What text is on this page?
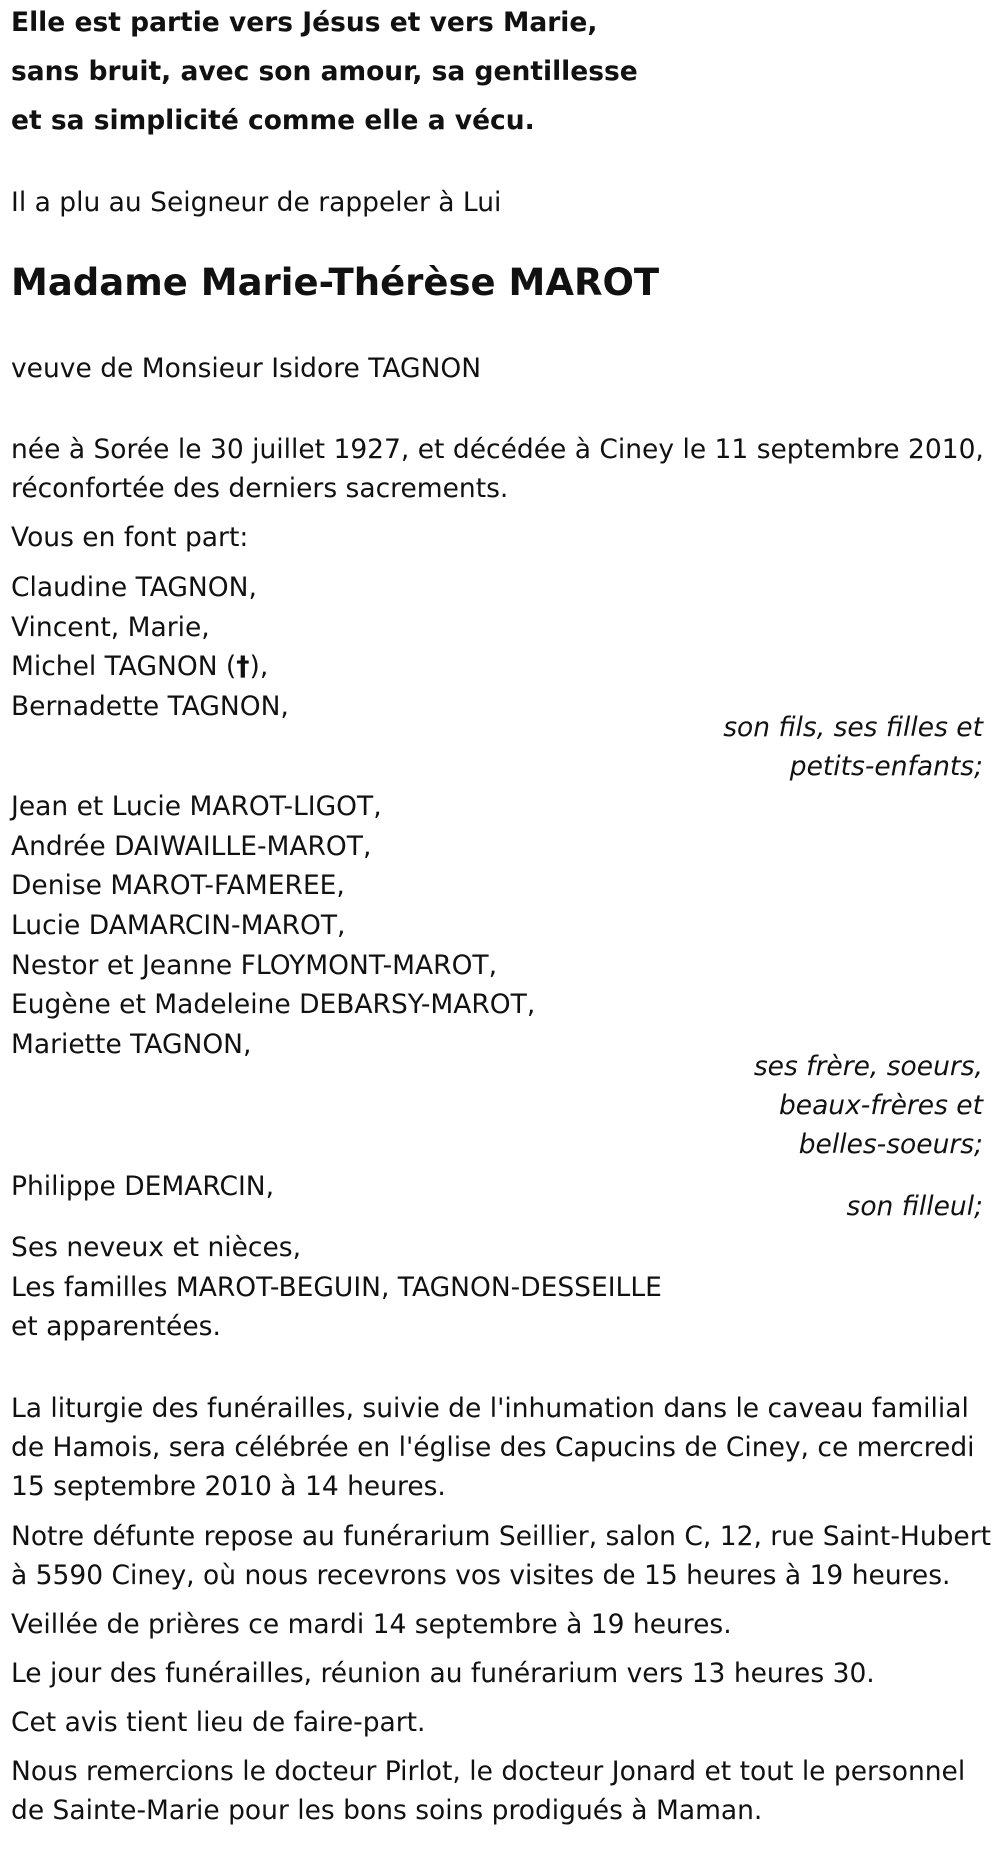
Elle est partie vers Jésus et vers Marie,
sans bruit, avec son amour, sa gentillesse
et sa simplicité comme elle a vécu.
Il a plu au Seigneur de rappeler à Lui
Madame Marie-Thérèse MAROT
veuve de Monsieur Isidore TAGNON
née à Sorée le 30 juillet 1927, et décédée à Ciney le 11 septembre 2010,
réconfortée des derniers sacrements.
Vous en font part:
Claudine TAGNON,
Vincent, Marie,
Michel TAGNON (†),
Bernadette TAGNON,
son fils, ses filles et
petits-enfants;
Jean et Lucie MAROT-LIGOT,
Andrée DAIWAILLE-MAROT,
Denise MAROT-FAMEREE,
Lucie DAMARCIN-MAROT,
Nestor et Jeanne FLOYMONT-MAROT,
Eugène et Madeleine DEBARSY-MAROT,
Mariette TAGNON,
ses frère, soeurs,
beaux-frères et
belles-soeurs;
Philippe DEMARCIN,
son filleul;
Ses neveux et nièces,
Les familles MAROT-BEGUIN, TAGNON-DESSEILLE
et apparentées.
La liturgie des funérailles, suivie de l'inhumation dans le caveau familial
de Hamois, sera célébrée en l'église des Capucins de Ciney, ce mercredi
15 septembre 2010 à 14 heures.
Notre défunte repose au funérarium Seillier, salon C, 12, rue Saint-Hubert
à 5590 Ciney, où nous recevrons vos visites de 15 heures à 19 heures.
Veillée de prières ce mardi 14 septembre à 19 heures.
Le jour des funérailles, réunion au funérarium vers 13 heures 30.
Cet avis tient lieu de faire-part.
Nous remercions le docteur Pirlot, le docteur Jonard et tout le personnel
de Sainte-Marie pour les bons soins prodigués à Maman.
